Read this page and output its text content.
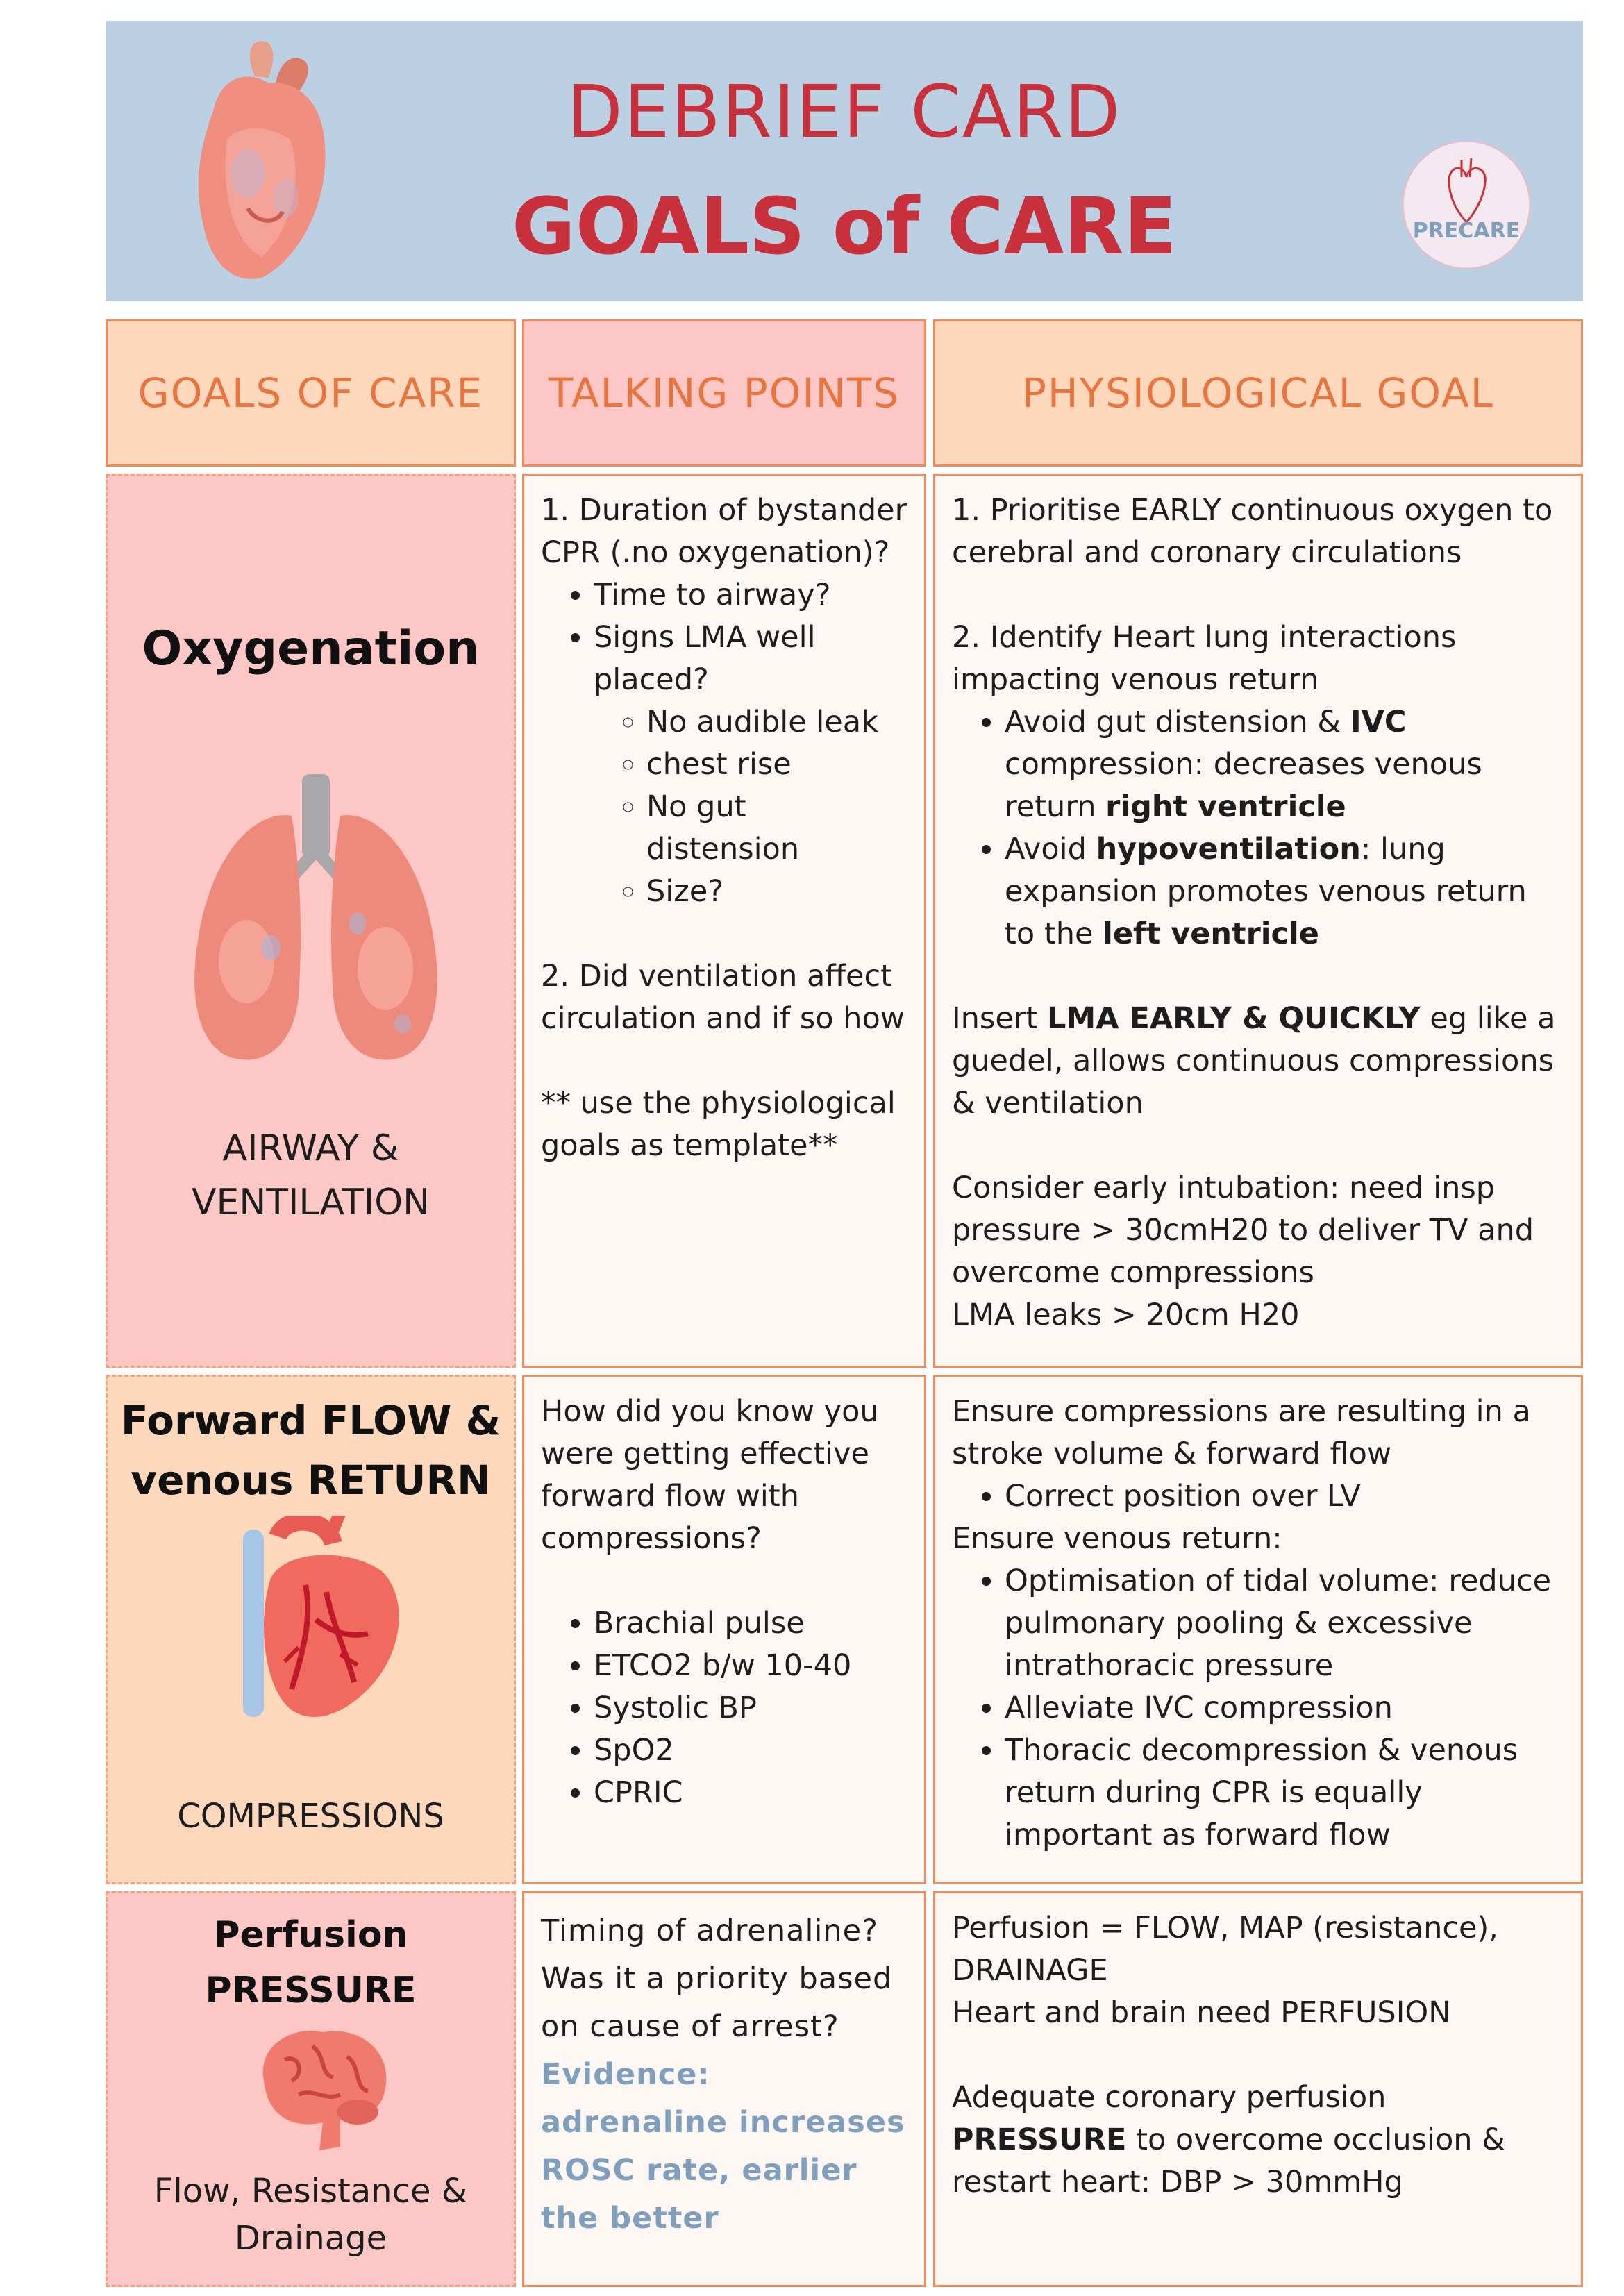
DEBRIEF CARD
GOALS of CARE	PRECARE
GOALS OF CARE TALKING POINTS	PHYSIOLOGICAL GOAL
Oxygenation
AIRWAY &
VENTILATION
1. Duration of bystander CPR (.no oxygenation)?
• Time to airway?
• Signs LMA well placed?
◦ No audible leak
◦ chest rise
◦ No gut distension
◦ Size?
2. Did ventilation affect circulation and if so how
** use the physiological goals as template**
1. Prioritise EARLY continuous oxygen to cerebral and coronary circulations
2. Identify Heart lung interactions impacting venous return
• Avoid gut distension & IVC compression: decreases venous return right ventricle
• Avoid hypoventilation: lung expansion promotes venous return to the left ventricle
Insert LMA EARLY & QUICKLY eg like a guedel, allows continuous compressions & ventilation
Consider early intubation: need insp pressure > 30cmH20 to deliver TV and overcome compressions
LMA leaks > 20cm H20
Forward FLOW &
venous RETURN
COMPRESSIONS
How did you know you were getting effective forward flow with compressions?
• Brachial pulse
• ETCO2 b/w 10-40
• Systolic BP
• SpO2
• CPRIC
Ensure compressions are resulting in a stroke volume & forward flow
• Correct position over LV
Ensure venous return:
• Optimisation of tidal volume: reduce pulmonary pooling & excessive intrathoracic pressure
• Alleviate IVC compression
• Thoracic decompression & venous return during CPR is equally important as forward flow
Perfusion
PRESSURE
Flow, Resistance &
Drainage
Timing of adrenaline? Was it a priority based on cause of arrest?
Evidence: adrenaline increases ROSC rate, earlier the better
Perfusion = FLOW, MAP (resistance), DRAINAGE
Heart and brain need PERFUSION
Adequate coronary perfusion PRESSURE to overcome occlusion & restart heart: DBP > 30mmHg
